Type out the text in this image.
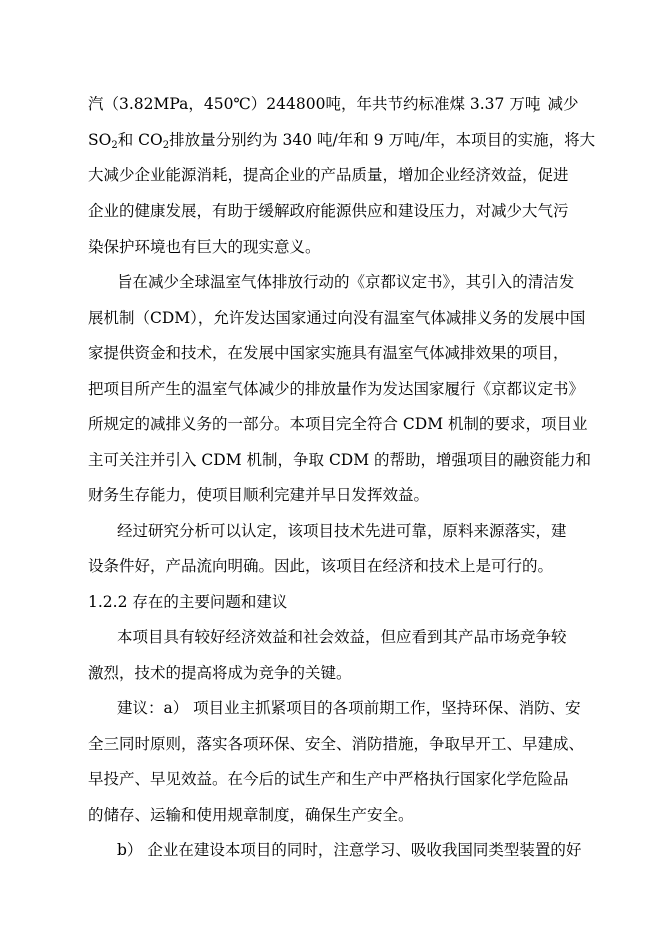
汽（3.82MPa，450℃）244800吨，年共节约标准煤 3.37 万吨
，减少
$SO_2$和 $CO_2$排放量分别约为 340 吨/年和 9 万吨/年，本项目的实施，将大
大减少企业能源消耗，提高企业的产品质量，增加企业经济效益，促进
企业的健康发展，有助于缓解政府能源供应和建设压力，对减少大气污
染保护环境也有巨大的现实意义。
旨在减少全球温室气体排放行动的《京都议定书》，其引入的清洁发
展机制（CDM），允许发达国家通过向没有温室气体减排义务的发展中国
家提供资金和技术，在发展中国家实施具有温室气体减排效果的项目，
把项目所产生的温室气体减少的排放量作为发达国家履行《京都议定书》
所规定的减排义务的一部分。本项目完全符合 CDM 机制的要求，项目业
主可关注并引入 CDM 机制，争取 CDM 的帮助，增强项目的融资能力和
财务生存能力，使项目顺利完建并早日发挥效益。
经过研究分析可以认定，该项目技术先进可靠，原料来源落实，建
设条件好，产品流向明确。因此，该项目在经济和技术上是可行的。
1.2.2 存在的主要问题和建议
本项目具有较好经济效益和社会效益，但应看到其产品市场竞争较
激烈，技术的提高将成为竞争的关键。
建议：a） 项目业主抓紧项目的各项前期工作，坚持环保、消防、安
全三同时原则，落实各项环保、安全、消防措施，争取早开工、早建成、
早投产、早见效益。在今后的试生产和生产中严格执行国家化学危险品
的储存、运输和使用规章制度，确保生产安全。
b） 企业在建设本项目的同时，注意学习、吸收我国同类型装置的好
